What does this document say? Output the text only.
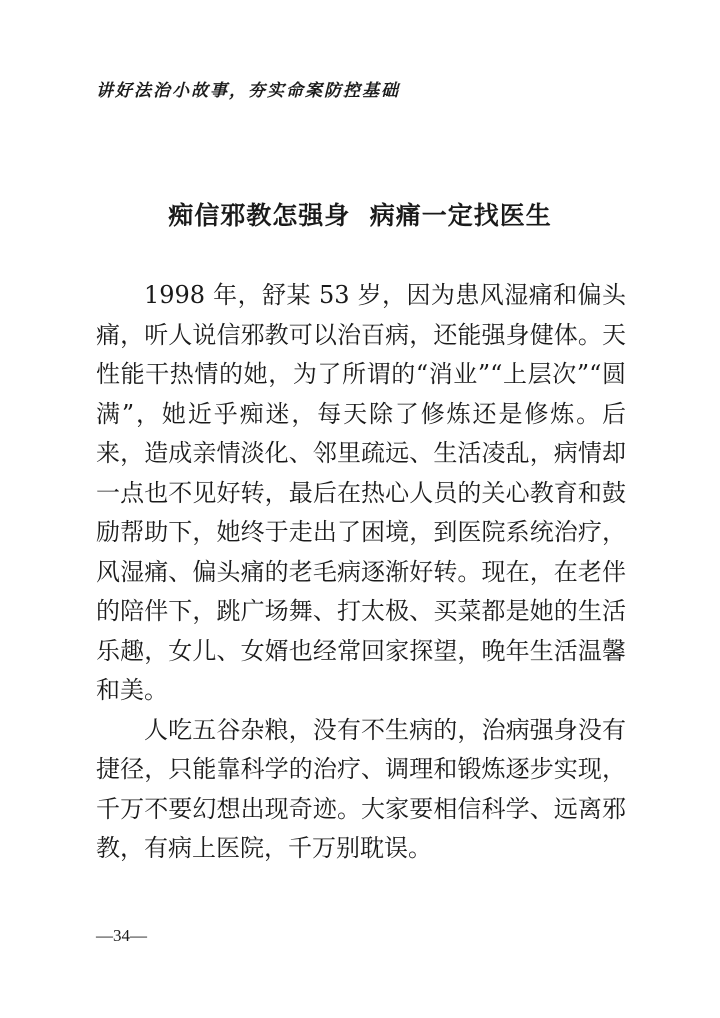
讲好法治小故事，夯实命案防控基础
痴信邪教怎强身  病痛一定找医生

1998 年，舒某 53 岁，因为患风湿痛和偏头痛，听人说信邪教可以治百病，还能强身健体。天性能干热情的她，为了所谓的“消业”“上层次”“圆满”，她近乎痴迷，每天除了修炼还是修炼。后来，造成亲情淡化、邻里疏远、生活凌乱，病情却一点也不见好转，最后在热心人员的关心教育和鼓励帮助下，她终于走出了困境，到医院系统治疗，风湿痛、偏头痛的老毛病逐渐好转。现在，在老伴的陪伴下，跳广场舞、打太极、买菜都是她的生活乐趣，女儿、女婿也经常回家探望，晚年生活温馨和美。

人吃五谷杂粮，没有不生病的，治病强身没有捷径，只能靠科学的治疗、调理和锻炼逐步实现，千万不要幻想出现奇迹。大家要相信科学、远离邪教，有病上医院，千万别耽误。

—34—
